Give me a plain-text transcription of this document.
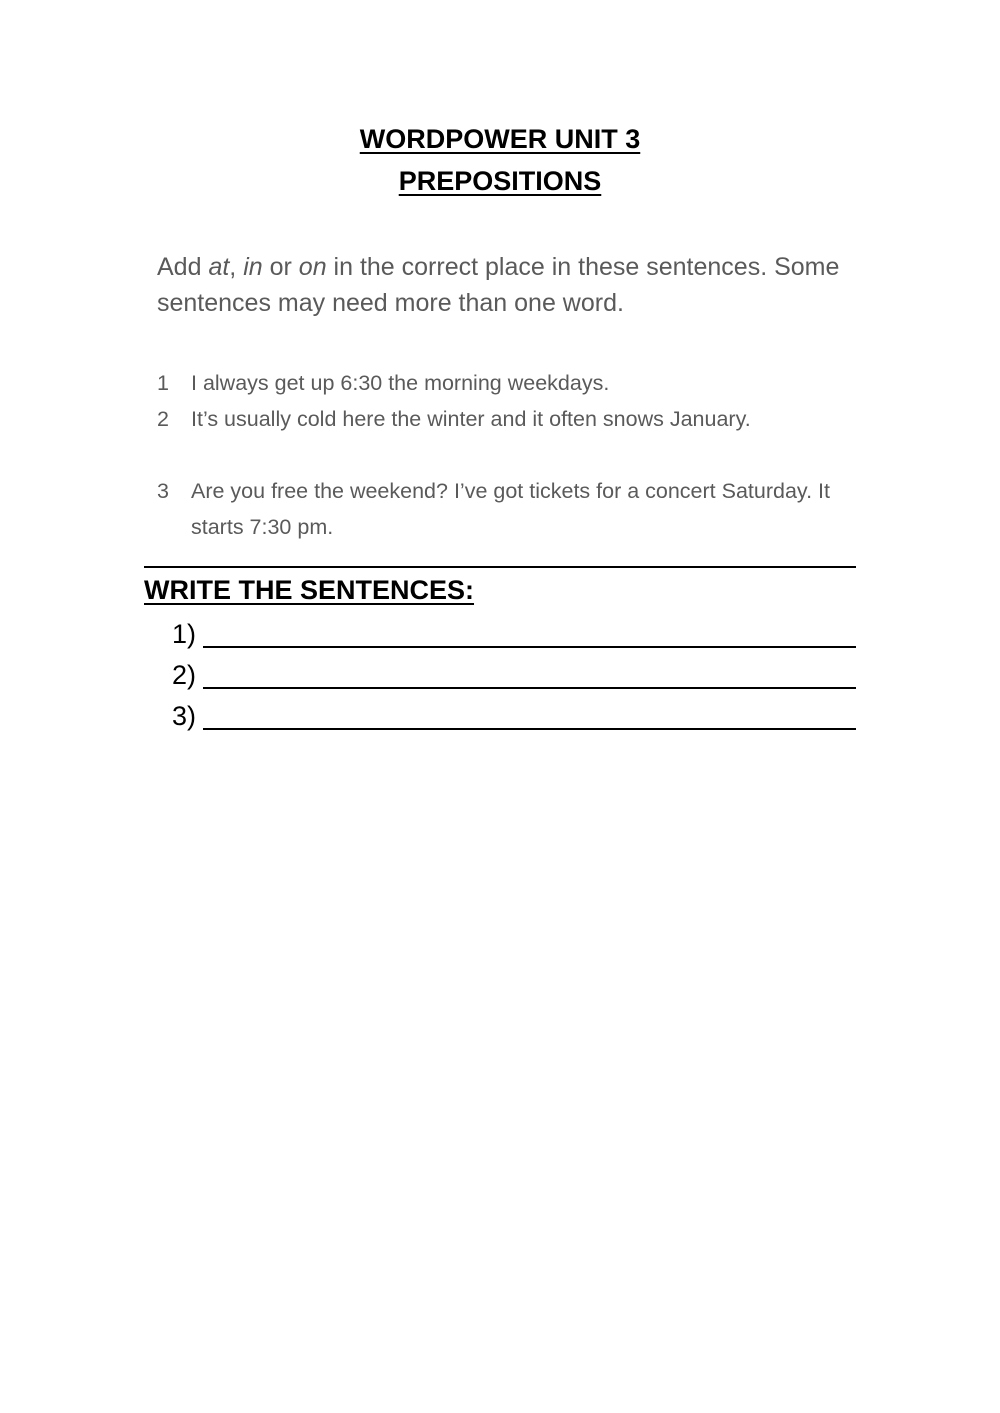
WORDPOWER UNIT 3
PREPOSITIONS
Add at, in or on in the correct place in these sentences. Some sentences may need more than one word.
1	I always get up 6:30 the morning weekdays.
2	It’s usually cold here the winter and it often snows January.
3	Are you free the weekend? I’ve got tickets for a concert Saturday. It starts 7:30 pm.
WRITE THE SENTENCES:
1)
2)
3)
